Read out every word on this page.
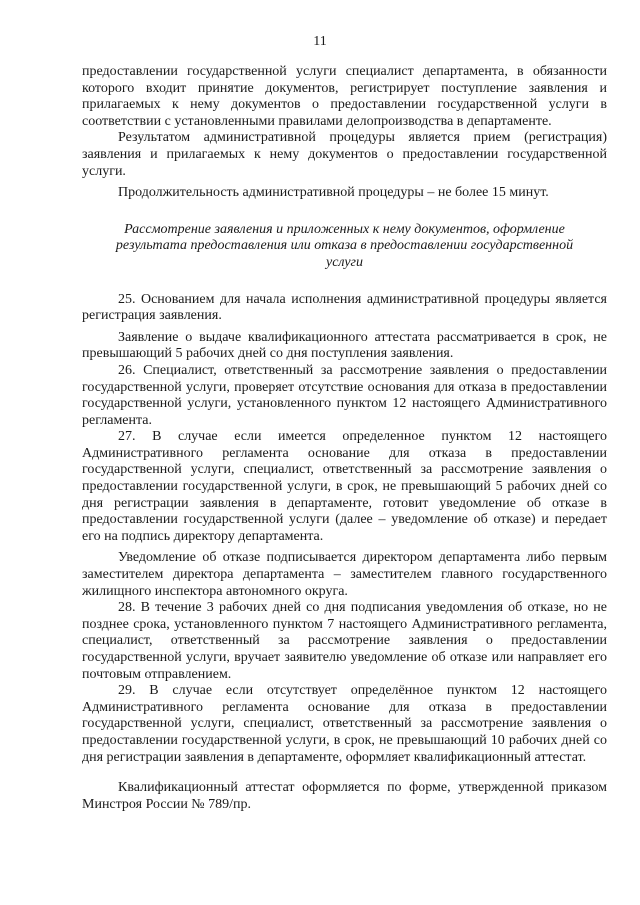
11

предоставлении государственной услуги специалист департамента, в обязанности которого входит принятие документов, регистрирует поступление заявления и прилагаемых к нему документов о предоставлении государственной услуги в соответствии с установленными правилами делопроизводства в департаменте.

Результатом административной процедуры является прием (регистрация) заявления и прилагаемых к нему документов о предоставлении государственной услуги.

Продолжительность административной процедуры – не более 15 минут.

Рассмотрение заявления и приложенных к нему документов, оформление результата предоставления или отказа в предоставлении государственной услуги

25. Основанием для начала исполнения административной процедуры является регистрация заявления.

Заявление о выдаче квалификационного аттестата рассматривается в срок, не превышающий 5 рабочих дней со дня поступления заявления.

26. Специалист, ответственный за рассмотрение заявления о предоставлении государственной услуги, проверяет отсутствие основания для отказа в предоставлении государственной услуги, установленного пунктом 12 настоящего Административного регламента.

27. В случае если имеется определенное пунктом 12 настоящего Административного регламента основание для отказа в предоставлении государственной услуги, специалист, ответственный за рассмотрение заявления о предоставлении государственной услуги, в срок, не превышающий 5 рабочих дней со дня регистрации заявления в департаменте, готовит уведомление об отказе в предоставлении государственной услуги (далее – уведомление об отказе) и передает его на подпись директору департамента.

Уведомление об отказе подписывается директором департамента либо первым заместителем директора департамента – заместителем главного государственного жилищного инспектора автономного округа.

28. В течение 3 рабочих дней со дня подписания уведомления об отказе, но не позднее срока, установленного пунктом 7 настоящего Административного регламента, специалист, ответственный за рассмотрение заявления о предоставлении государственной услуги, вручает заявителю уведомление об отказе или направляет его почтовым отправлением.

29. В случае если отсутствует определённое пунктом 12 настоящего Административного регламента основание для отказа в предоставлении государственной услуги, специалист, ответственный за рассмотрение заявления о предоставлении государственной услуги, в срок, не превышающий 10 рабочих дней со дня регистрации заявления в департаменте, оформляет квалификационный аттестат.

Квалификационный аттестат оформляется по форме, утвержденной приказом Минстроя России № 789/пр.
